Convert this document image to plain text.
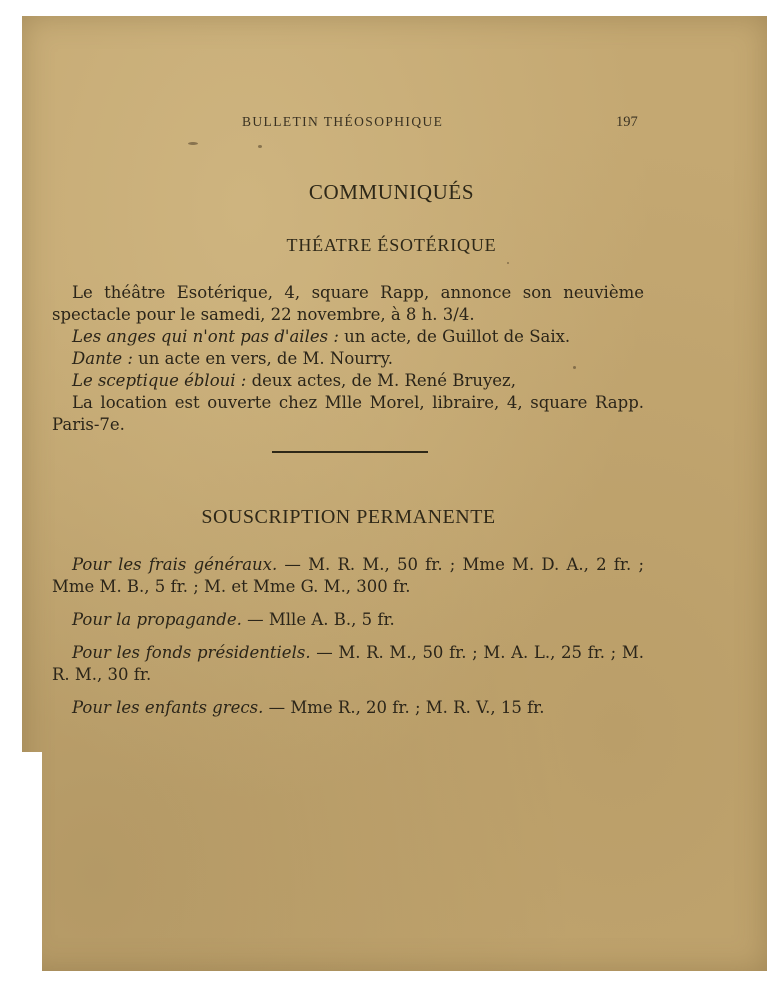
BULLETIN THÉOSOPHIQUE	197
COMMUNIQUÉS
THÉATRE ÉSOTÉRIQUE

Le théâtre Esotérique, 4, square Rapp, annonce son neuvième spectacle pour le samedi, 22 novembre, à 8 h. 3/4.

Les anges qui n'ont pas d'ailes : un acte, de Guillot de Saix.

Dante : un acte en vers, de M. Nourry.

Le sceptique ébloui : deux actes, de M. René Bruyez,

La location est ouverte chez Mlle Morel, libraire, 4, square Rapp. Paris-7e.

SOUSCRIPTION PERMANENTE

Pour les frais généraux. — M. R. M., 50 fr. ; Mme M. D. A., 2 fr. ; Mme M. B., 5 fr. ; M. et Mme G. M., 300 fr.

Pour la propagande. — Mlle A. B., 5 fr.

Pour les fonds présidentiels. — M. R. M., 50 fr. ; M. A. L., 25 fr. ; M. R. M., 30 fr.

Pour les enfants grecs. — Mme R., 20 fr. ; M. R. V., 15 fr.
